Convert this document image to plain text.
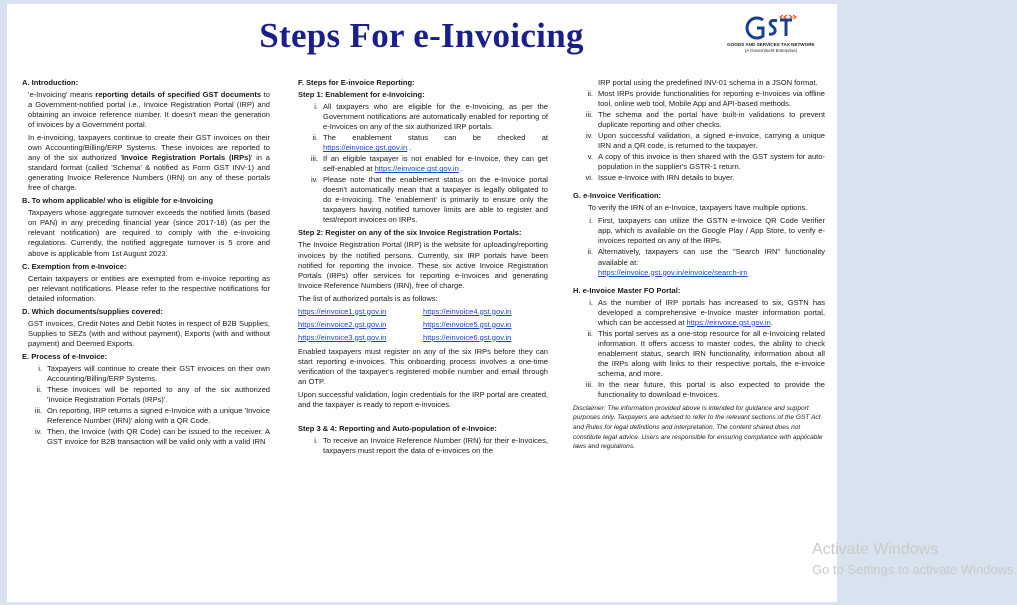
Steps For e-Invoicing	GOODS AND SERVICES TAX NETWORK
(A Government Enterprise)
A. Introduction:
'e-Invoicing' means reporting details of specified GST documents to a Government-notified portal i.e., Invoice Registration Portal (IRP) and obtaining an invoice reference number. It doesn't mean the generation of invoices by a Government portal.
In e-invoicing, taxpayers continue to create their GST invoices on their own Accounting/Billing/ERP Systems. These invoices are reported to any of the six authorized 'Invoice Registration Portals (IRPs)' in a standard format (called 'Schema' & notified as Form GST INV-1) and generating Invoice Reference Numbers (IRN) on any of these portals free of charge.
B. To whom applicable/ who is eligible for e-Invoicing
Taxpayers whose aggregate turnover exceeds the notified limits (based on PAN) in any preceding financial year (since 2017-18) (as per the relevant notification) are required to comply with the e-invoicing regulations. Currently, the notified aggregate turnover is 5 crore and above is applicable from 1st August 2023.
C. Exemption from e-Invoice:
Certain taxpayers or entities are exempted from e-invoice reporting as per relevant notifications. Please refer to the respective notifications for detailed information.
D. Which documents/supplies covered:
GST invoices, Credit Notes and Debit Notes in respect of B2B Supplies, Supplies to SEZs (with and without payment), Exports (with and without payment) and Deemed Exports.
E. Process of e-Invoice:
i. Taxpayers will continue to create their GST invoices on their own Accounting/Billing/ERP Systems.
ii. These invoices will be reported to any of the six authorized 'Invoice Registration Portals (IRPs)'.
iii. On reporting, IRP returns a signed e-Invoice with a unique 'Invoice Reference Number (IRN)' along with a QR Code.
iv. Then, the Invoice (with QR Code) can be issued to the receiver. A GST invoice for B2B transaction will be valid only with a valid IRN
F. Steps for E-invoice Reporting:
Step 1: Enablement for e-Invoicing:
i. All taxpayers who are eligible for the e-Invoicing, as per the Government notifications are automatically enabled for reporting of e-Invoices on any of the six authorized IRP portals.
ii. The enablement status can be checked at https://einvoice.gst.gov.in .
iii. If an eligible taxpayer is not enabled for e-Invoice, they can get self-enabled at https://einvoice.gst.gov.in .
iv. Please note that the enablement status on the e-Invoice portal doesn't automatically mean that a taxpayer is legally obligated to do e-Invoicing. The 'enablement' is primarily to ensure only the taxpayers having notified turnover limits are able to register and test/report invoices on IRPs.
Step 2: Register on any of the six Invoice Registration Portals:
The Invoice Registration Portal (IRP) is the website for uploading/reporting invoices by the notified persons. Currently, six IRP portals have been notified for reporting the invoice. These six active Invoice Registration Portals (IRPs) offer services for reporting e-Invoices and generating Invoice Reference Numbers (IRN), free of charge.
The list of authorized portals is as follows:
https://einvoice1.gst.gov.in	https://einvoice4.gst.gov.in
https://einvoice2.gst.gov.in	https://einvoice5.gst.gov.in
https://einvoice3.gst.gov.in	https://einvoice6.gst.gov.in
Enabled taxpayers must register on any of the six IRPs before they can start reporting e-invoices. This onboarding process involves a one-time verification of the taxpayer's registered mobile number and email through an OTP.
Upon successful validation, login credentials for the IRP portal are created, and the taxpayer is ready to report e-invoices.
Step 3 & 4: Reporting and Auto-population of e-Invoice:
i. To receive an Invoice Reference Number (IRN) for their e-Invoices, taxpayers must report the data of e-invoices on the
IRP portal using the predefined INV-01 schema in a JSON format.
ii. Most IRPs provide functionalities for reporting e-Invoices via offline tool, online web tool, Mobile App and API-based methods.
iii. The schema and the portal have built-in validations to prevent duplicate reporting and other checks.
iv. Upon successful validation, a signed e-invoice, carrying a unique IRN and a QR code, is returned to the taxpayer.
v. A copy of this invoice is then shared with the GST system for auto-population in the supplier's GSTR-1 return.
vi. Issue e-Invoice with IRN details to buyer.
G. e-Invoice Verification:
To verify the IRN of an e-Invoice, taxpayers have multiple options.
i. First, taxpayers can utilize the GSTN e-Invoice QR Code Verifier app, which is available on the Google Play / App Store, to verify e-invoices reported on any of the IRPs.
ii. Alternatively, taxpayers can use the "Search IRN" functionality available at:
https://einvoice.gst.gov.in/einvoice/search-irn
H. e-Invoice Master FO Portal:
i. As the number of IRP portals has increased to six, GSTN has developed a comprehensive e-Invoice master information portal, which can be accessed at https://einvoice.gst.gov.in.
ii. This portal serves as a one-stop resource for all e-Invoicing related information. It offers access to master codes, the ability to check enablement status, search IRN functionality, information about all the IRPs along with links to their respective portals, the e-invoice schema, and more.
iii. In the near future, this portal is also expected to provide the functionality to download e-Invoices.
Disclaimer: The information provided above is intended for guidance and support purposes only. Taxpayers are advised to refer to the relevant sections of the GST Act and Rules for legal definitions and interpretation. The content shared does not constitute legal advice. Users are responsible for ensuring compliance with applicable laws and regulations.
Activate Windows
Go to Settings to activate Windows.
